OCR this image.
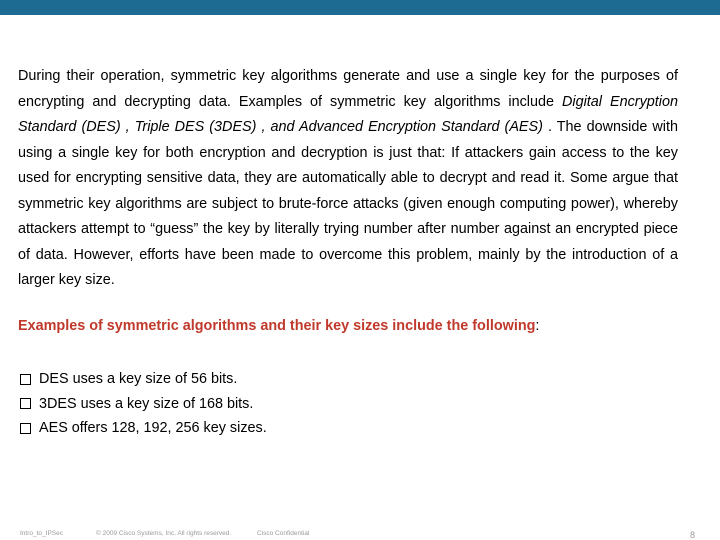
During their operation, symmetric key algorithms generate and use a single key for the purposes of encrypting and decrypting data. Examples of symmetric key algorithms include Digital Encryption Standard (DES) , Triple DES (3DES) , and Advanced Encryption Standard (AES) . The downside with using a single key for both encryption and decryption is just that: If attackers gain access to the key used for encrypting sensitive data, they are automatically able to decrypt and read it. Some argue that symmetric key algorithms are subject to brute-force attacks (given enough computing power), whereby attackers attempt to “guess” the key by literally trying number after number against an encrypted piece of data. However, efforts have been made to overcome this problem, mainly by the introduction of a larger key size.

Examples of symmetric algorithms and their key sizes include the following:

DES uses a key size of 56 bits.
3DES uses a key size of 168 bits.
AES offers 128, 192, 256 key sizes.
Intro_to_IPSec	© 2009 Cisco Systems, Inc. All rights reserved.	Cisco Confidential	8
